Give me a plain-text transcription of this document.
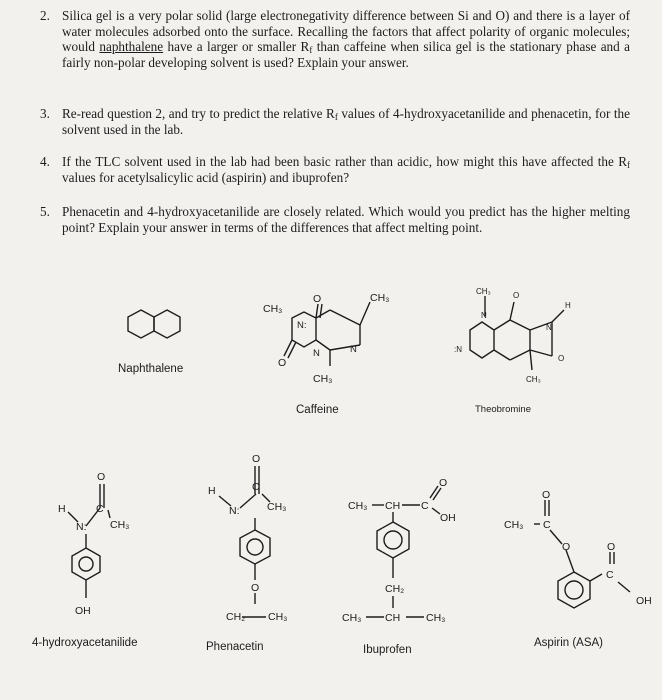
2. Silica gel is a very polar solid (large electronegativity difference between Si and O) and there is a layer of water molecules adsorbed onto the surface. Recalling the factors that affect polarity of organic molecules; would naphthalene have a larger or smaller $R_f$ than caffeine when silica gel is the stationary phase and a fairly non-polar developing solvent is used? Explain your answer.
3. Re-read question 2, and try to predict the relative $R_f$ values of 4-hydroxyacetanilide and phenacetin, for the solvent used in the lab.
4. If the TLC solvent used in the lab had been basic rather than acidic, how might this have affected the $R_f$ values for acetylsalicylic acid (aspirin) and ibuprofen?
5. Phenacetin and 4-hydroxyacetanilide are closely related. Which would you predict has the higher melting point? Explain your answer in terms of the differences that affect melting point.
CH₃
O	CH₃
N:
O
N	N
CH₃
CH₃
N
O
H
:N
N
O
CH₃
O
C
CH₃
H
N:
OH
O
C
CH₃
H
N:
O
CH₂ CH₃
CH₃ CH C
O
OH
CH₂
CH₃ CH CH₃
O
C
CH₃
O	O
C
OH
Naphthalene
Caffeine	Theobromine
4-hydroxyacetanilide	Phenacetin	Ibuprofen
Aspirin (ASA)
